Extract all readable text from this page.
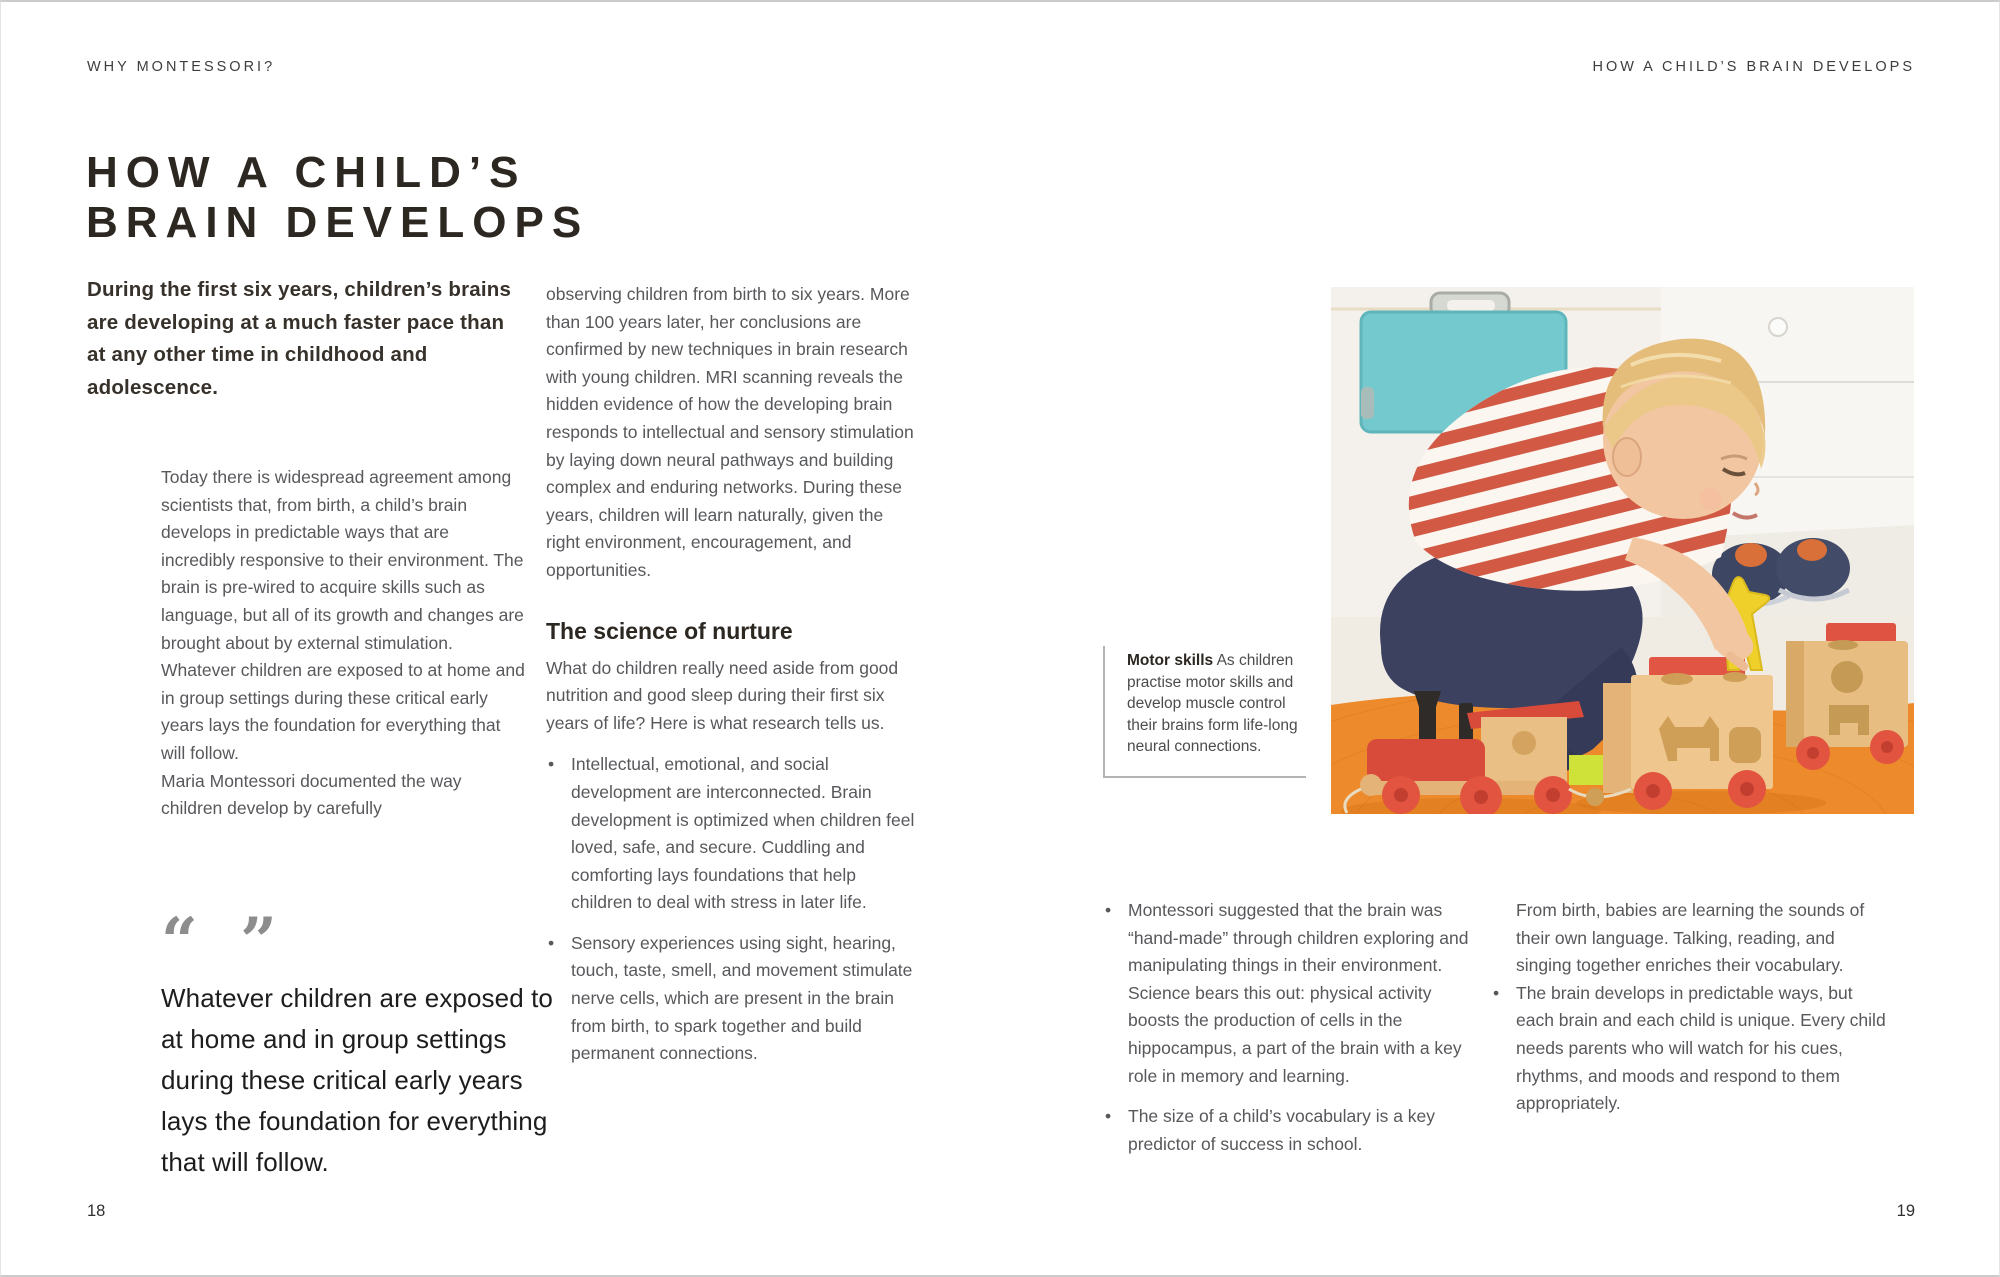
WHY MONTESSORI?
HOW A CHILD’S
BRAIN DEVELOPS
During the first six years, children’s brains are developing at a much faster pace than at any other time in childhood and adolescence.

Today there is widespread agreement among scientists that, from birth, a child’s brain develops in predictable ways that are incredibly responsive to their environment. The brain is pre-wired to acquire skills such as language, but all of its growth and changes are brought about by external stimulation. Whatever children are exposed to at home and in group settings during these critical early years lays the foundation for everything that will follow.

Maria Montessori documented the way children develop by carefully

“ ”
Whatever children are exposed to at home and in group settings during these critical early years lays the foundation for everything that will follow.

observing children from birth to six years. More than 100 years later, her conclusions are confirmed by new techniques in brain research with young children. MRI scanning reveals the hidden evidence of how the developing brain responds to intellectual and sensory stimulation by laying down neural pathways and building complex and enduring networks. During these years, children will learn naturally, given the right environment, encouragement, and opportunities.

The science of nurture

What do children really need aside from good nutrition and good sleep during their first six years of life? Here is what research tells us.

• Intellectual, emotional, and social development are interconnected. Brain development is optimized when children feel loved, safe, and secure. Cuddling and comforting lays foundations that help children to deal with stress in later life.
• Sensory experiences using sight, hearing, touch, taste, smell, and movement stimulate nerve cells, which are present in the brain from birth, to spark together and build permanent connections.
18
HOW A CHILD’S BRAIN DEVELOPS
Motor skills As children practise motor skills and develop muscle control their brains form life-long neural connections.
• Montessori suggested that the brain was “hand-made” through children exploring and manipulating things in their environment. Science bears this out: physical activity boosts the production of cells in the hippocampus, a part of the brain with a key role in memory and learning.
• The size of a child’s vocabulary is a key predictor of success in school.

From birth, babies are learning the sounds of their own language. Talking, reading, and singing together enriches their vocabulary.

• The brain develops in predictable ways, but each brain and each child is unique. Every child needs parents who will watch for his cues, rhythms, and moods and respond to them appropriately.
19
